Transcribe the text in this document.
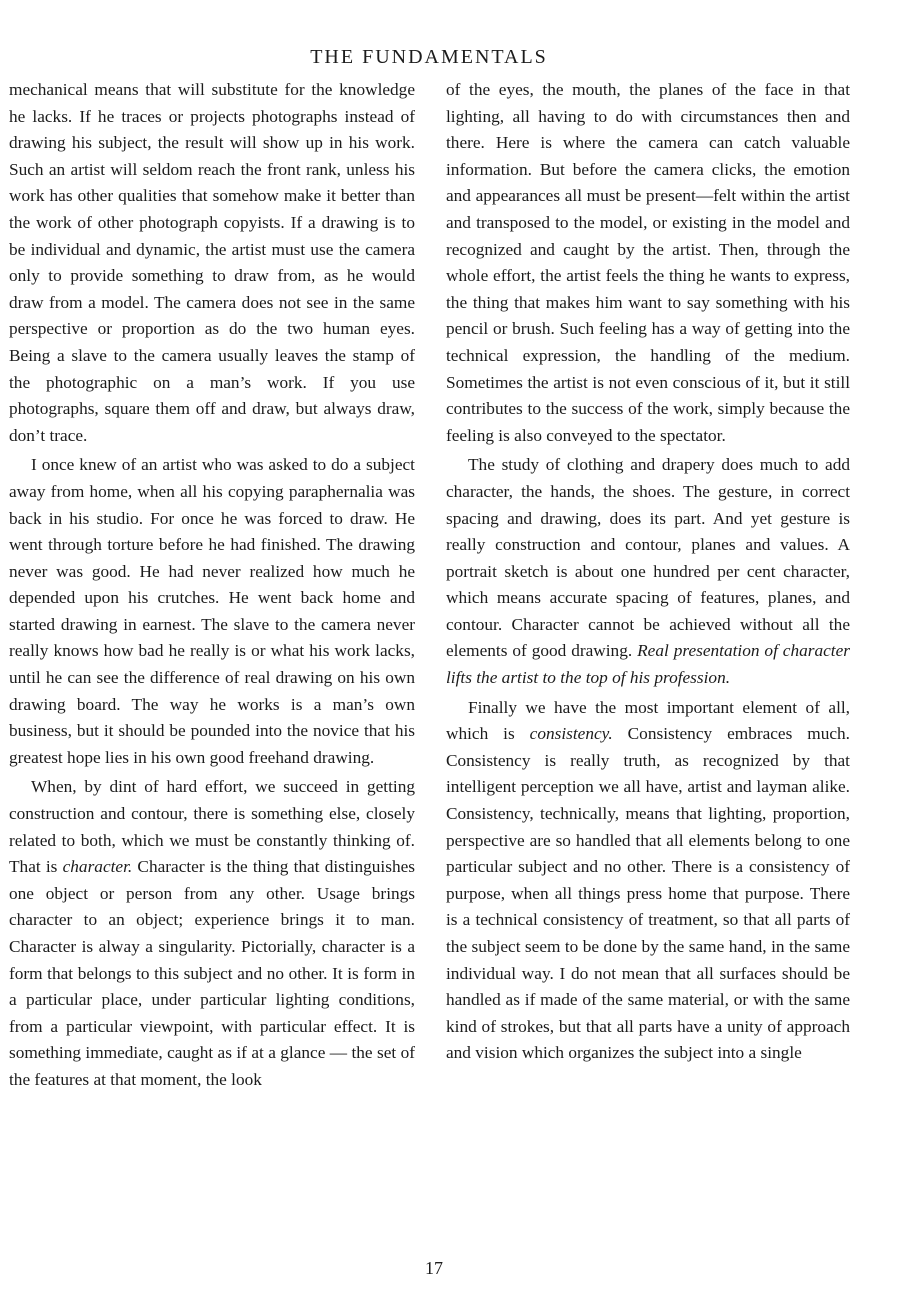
THE FUNDAMENTALS

mechanical means that will substitute for the knowledge he lacks. If he traces or projects photographs instead of drawing his subject, the result will show up in his work. Such an artist will seldom reach the front rank, unless his work has other qualities that somehow make it better than the work of other photograph copyists. If a drawing is to be individual and dynamic, the artist must use the camera only to provide something to draw from, as he would draw from a model. The camera does not see in the same perspective or proportion as do the two human eyes. Being a slave to the camera usually leaves the stamp of the photographic on a man’s work. If you use photographs, square them off and draw, but always draw, don’t trace.

I once knew of an artist who was asked to do a subject away from home, when all his copying paraphernalia was back in his studio. For once he was forced to draw. He went through torture before he had finished. The drawing never was good. He had never realized how much he depended upon his crutches. He went back home and started drawing in earnest. The slave to the camera never really knows how bad he really is or what his work lacks, until he can see the difference of real drawing on his own drawing board. The way he works is a man’s own business, but it should be pounded into the novice that his greatest hope lies in his own good freehand drawing.

When, by dint of hard effort, we succeed in getting construction and contour, there is something else, closely related to both, which we must be constantly thinking of. That is character. Character is the thing that distinguishes one object or person from any other. Usage brings character to an object; experience brings it to man. Character is alway a singularity. Pictorially, character is a form that belongs to this subject and no other. It is form in a particular place, under particular lighting conditions, from a particular viewpoint, with particular effect. It is something immediate, caught as if at a glance — the set of the features at that moment, the look

of the eyes, the mouth, the planes of the face in that lighting, all having to do with circumstances then and there. Here is where the camera can catch valuable information. But before the camera clicks, the emotion and appearances all must be present—felt within the artist and transposed to the model, or existing in the model and recognized and caught by the artist. Then, through the whole effort, the artist feels the thing he wants to express, the thing that makes him want to say something with his pencil or brush. Such feeling has a way of getting into the technical expression, the handling of the medium. Sometimes the artist is not even conscious of it, but it still contributes to the success of the work, simply because the feeling is also conveyed to the spectator.

The study of clothing and drapery does much to add character, the hands, the shoes. The gesture, in correct spacing and drawing, does its part. And yet gesture is really construction and contour, planes and values. A portrait sketch is about one hundred per cent character, which means accurate spacing of features, planes, and contour. Character cannot be achieved without all the elements of good drawing. Real presentation of character lifts the artist to the top of his profession.

Finally we have the most important element of all, which is consistency. Consistency embraces much. Consistency is really truth, as recognized by that intelligent perception we all have, artist and layman alike. Consistency, technically, means that lighting, proportion, perspective are so handled that all elements belong to one particular subject and no other. There is a consistency of purpose, when all things press home that purpose. There is a technical consistency of treatment, so that all parts of the subject seem to be done by the same hand, in the same individual way. I do not mean that all surfaces should be handled as if made of the same material, or with the same kind of strokes, but that all parts have a unity of approach and vision which organizes the subject into a single

17
